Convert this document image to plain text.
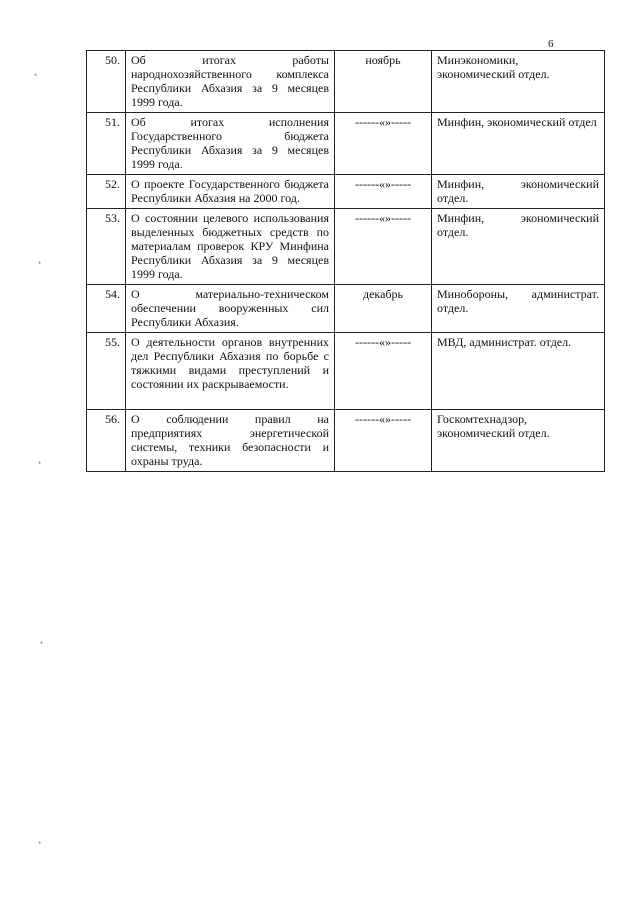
6
50.	Об итогах работы народнохозяйственного комплекса Республики Абхазия за 9 месяцев 1999 года.	ноябрь	Минэкономики, экономический отдел.
51.	Об итогах исполнения Государственного бюджета Республики Абхазия за 9 месяцев 1999 года.	------«»-----	Минфин, экономический отдел
52.	О проекте Государственного бюджета Республики Абхазия на 2000 год.	------«»-----	Минфин, экономический отдел.
53.	О состоянии целевого использования выделенных бюджетных средств по материалам проверок КРУ Минфина Республики Абхазия за 9 месяцев 1999 года.	------«»-----	Минфин, экономический отдел.
54.	О материально-техническом обеспечении вооруженных сил Республики Абхазия.	декабрь	Минобороны, администрат. отдел.
55.	О деятельности органов внутренних дел Республики Абхазия по борьбе с тяжкими видами преступлений и состоянии их раскрываемости.	------«»-----	МВД, администрат. отдел.
56.	О соблюдении правил на предприятиях энергетической системы, техники безопасности и охраны труда.	------«»-----	Госкомтехнадзор, экономический отдел.
•
•
•
•
•
